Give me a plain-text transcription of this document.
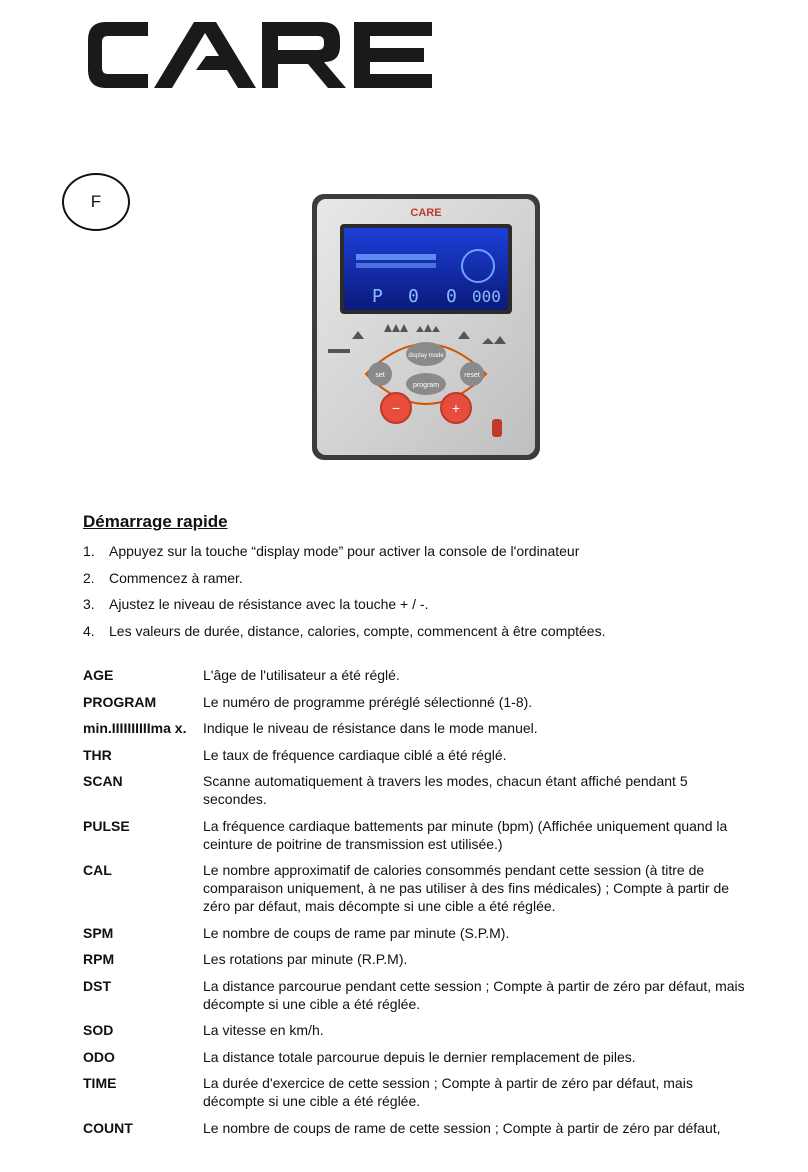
F
CARE
P 0 0 000
display mode
set	reset
program
−	+
Démarrage rapide
1.	Appuyez sur la touche “display mode” pour activer la console de l'ordinateur
2.	Commencez à ramer.
3.	Ajustez le niveau de résistance avec la touche + / -.
4.	Les valeurs de durée, distance, calories, compte, commencent à être comptées.
AGE	L'âge de l'utilisateur a été réglé.
PROGRAM	Le numéro de programme préréglé sélectionné (1-8).
min.IIIIIIIIIIma x.	Indique le niveau de résistance dans le mode manuel.
THR	Le taux de fréquence cardiaque ciblé a été réglé.
SCAN	Scanne automatiquement à travers les modes, chacun étant affiché pendant 5 secondes.
PULSE	La fréquence cardiaque battements par minute (bpm) (Affichée uniquement quand la ceinture de poitrine de transmission est utilisée.)
CAL	Le nombre approximatif de calories consommés pendant cette session (à titre de comparaison uniquement, à ne pas utiliser à des fins médicales) ; Compte à partir de zéro par défaut, mais décompte si une cible a été réglée.
SPM	Le nombre de coups de rame par minute (S.P.M).
RPM	Les rotations par minute (R.P.M).
DST	La distance parcourue pendant cette session ; Compte à partir de zéro par défaut, mais décompte si une cible a été réglée.
SOD	La vitesse en km/h.
ODO	La distance totale parcourue depuis le dernier remplacement de piles.
TIME	La durée d'exercice de cette session ; Compte à partir de zéro par défaut, mais décompte si une cible a été réglée.
COUNT	Le nombre de coups de rame de cette session ; Compte à partir de zéro par défaut,
